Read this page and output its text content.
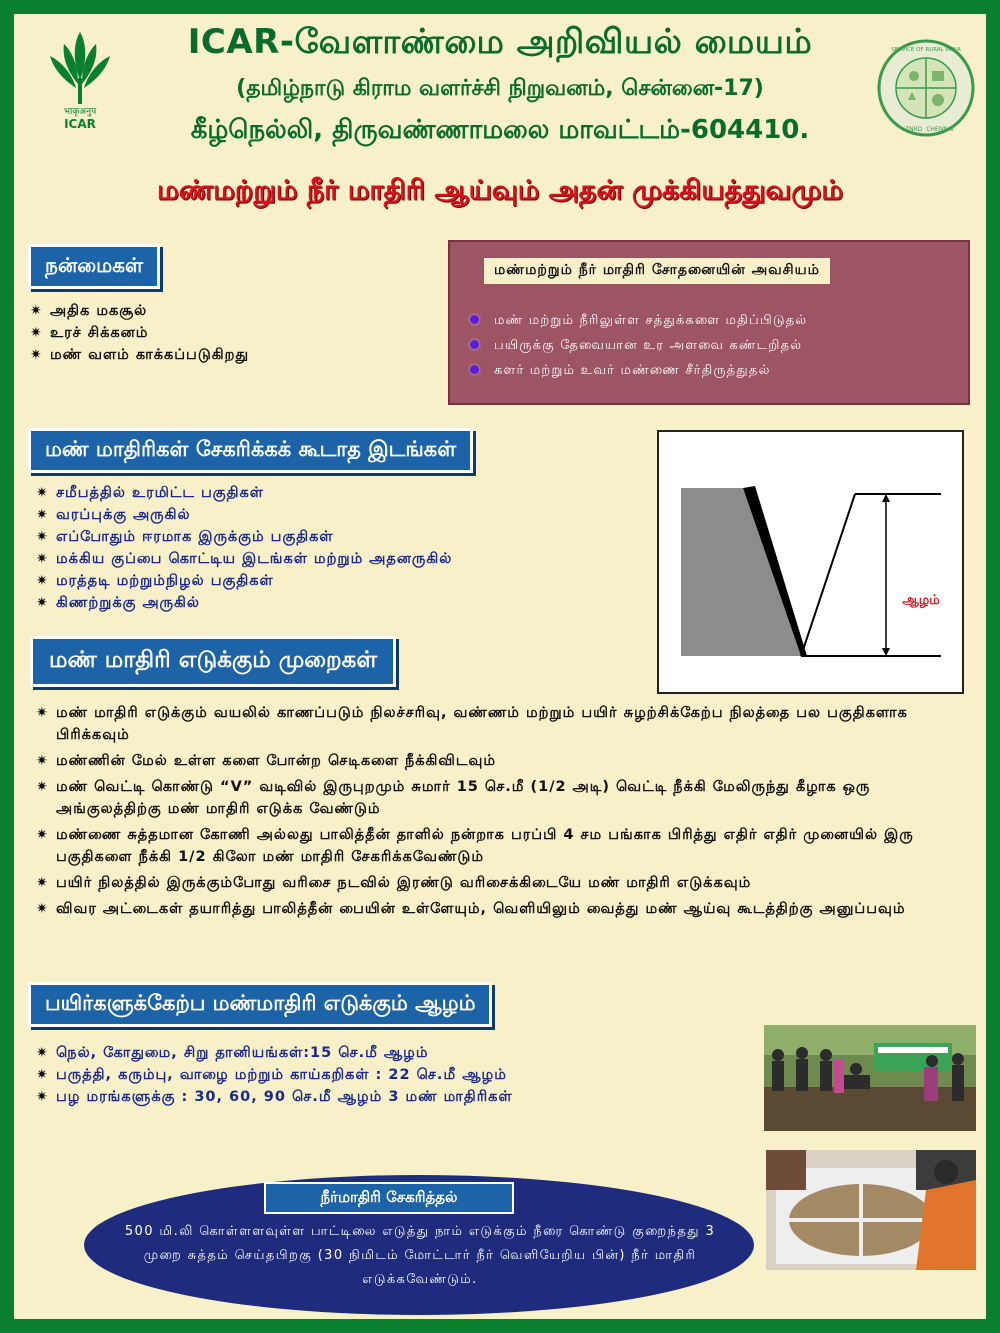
भाकृअनुप
ICAR
SERVICE OF RURAL INDIA
TNRD CHENNAI
ICAR-வேளாண்மை அறிவியல் மையம்
(தமிழ்நாடு கிராம வளர்ச்சி நிறுவனம், சென்னை-17)
கீழ்நெல்லி, திருவண்ணாமலை மாவட்டம்-604410.
மண்மற்றும் நீர் மாதிரி ஆய்வும் அதன் முக்கியத்துவமும்
நன்மைகள்
✷ அதிக மகசூல்
✷ உரச் சிக்கனம்
✷ மண் வளம் காக்கப்படுகிறது
மண்மற்றும் நீர் மாதிரி சோதனையின் அவசியம்
மண் மற்றும் நீரிலுள்ள சத்துக்களை மதிப்பிடுதல்
பயிருக்கு தேவையான உர அளவை கண்டறிதல்
களர் மற்றும் உவர் மண்ணை சீர்திருத்துதல்
மண் மாதிரிகள் சேகரிக்கக் கூடாத இடங்கள்
✷ சமீபத்தில் உரமிட்ட பகுதிகள்
✷ வரப்புக்கு அருகில்
✷ எப்போதும் ஈரமாக இருக்கும் பகுதிகள்
✷ மக்கிய குப்பை கொட்டிய இடங்கள் மற்றும் அதனருகில்
✷ மரத்தடி மற்றும்நிழல் பகுதிகள்
✷ கிணற்றுக்கு அருகில்	ஆழம்
மண் மாதிரி எடுக்கும் முறைகள்
✷ மண் மாதிரி எடுக்கும் வயலில் காணப்படும் நிலச்சரிவு, வண்ணம் மற்றும் பயிர் சுழற்சிக்கேற்ப நிலத்தை பல பகுதிகளாக பிரிக்கவும்
✷ மண்ணின் மேல் உள்ள களை போன்ற செடிகளை நீக்கிவிடவும்
✷ மண் வெட்டி கொண்டு “V” வடிவில் இருபுறமும் சுமார் 15 செ.மீ (1/2 அடி) வெட்டி நீக்கி மேலிருந்து கீழாக ஒரு அங்குலத்திற்கு மண் மாதிரி எடுக்க வேண்டும்
✷ மண்ணை சுத்தமான கோணி அல்லது பாலித்தீன் தாளில் நன்றாக பரப்பி 4 சம பங்காக பிரித்து எதிர் எதிர் முனையில் இரு பகுதிகளை நீக்கி 1/2 கிலோ மண் மாதிரி சேகரிக்கவேண்டும்
✷ பயிர் நிலத்தில் இருக்கும்போது வரிசை நடவில் இரண்டு வரிசைக்கிடையே மண் மாதிரி எடுக்கவும்
✷ விவர அட்டைகள் தயாரித்து பாலித்தீன் பையின் உள்ளேயும், வெளியிலும் வைத்து மண் ஆய்வு கூடத்திற்கு அனுப்பவும்
பயிர்களுக்கேற்ப மண்மாதிரி எடுக்கும் ஆழம்
✷ நெல், கோதுமை, சிறு தானியங்கள்:15 செ.மீ ஆழம்
✷ பருத்தி, கரும்பு, வாழை மற்றும் காய்கறிகள் : 22 செ.மீ ஆழம்
✷ பழ மரங்களுக்கு : 30, 60, 90 செ.மீ ஆழம் 3 மண் மாதிரிகள்
நீர்மாதிரி சேகரித்தல்
500 மி.லி கொள்ளளவுள்ள பாட்டிலை எடுத்து நாம் எடுக்கும் நீரை கொண்டு குறைந்தது 3 முறை சுத்தம் செய்தபிறகு (30 நிமிடம் மோட்டார் நீர் வெளியேறிய பின்) நீர் மாதிரி எடுக்கவேண்டும்.
